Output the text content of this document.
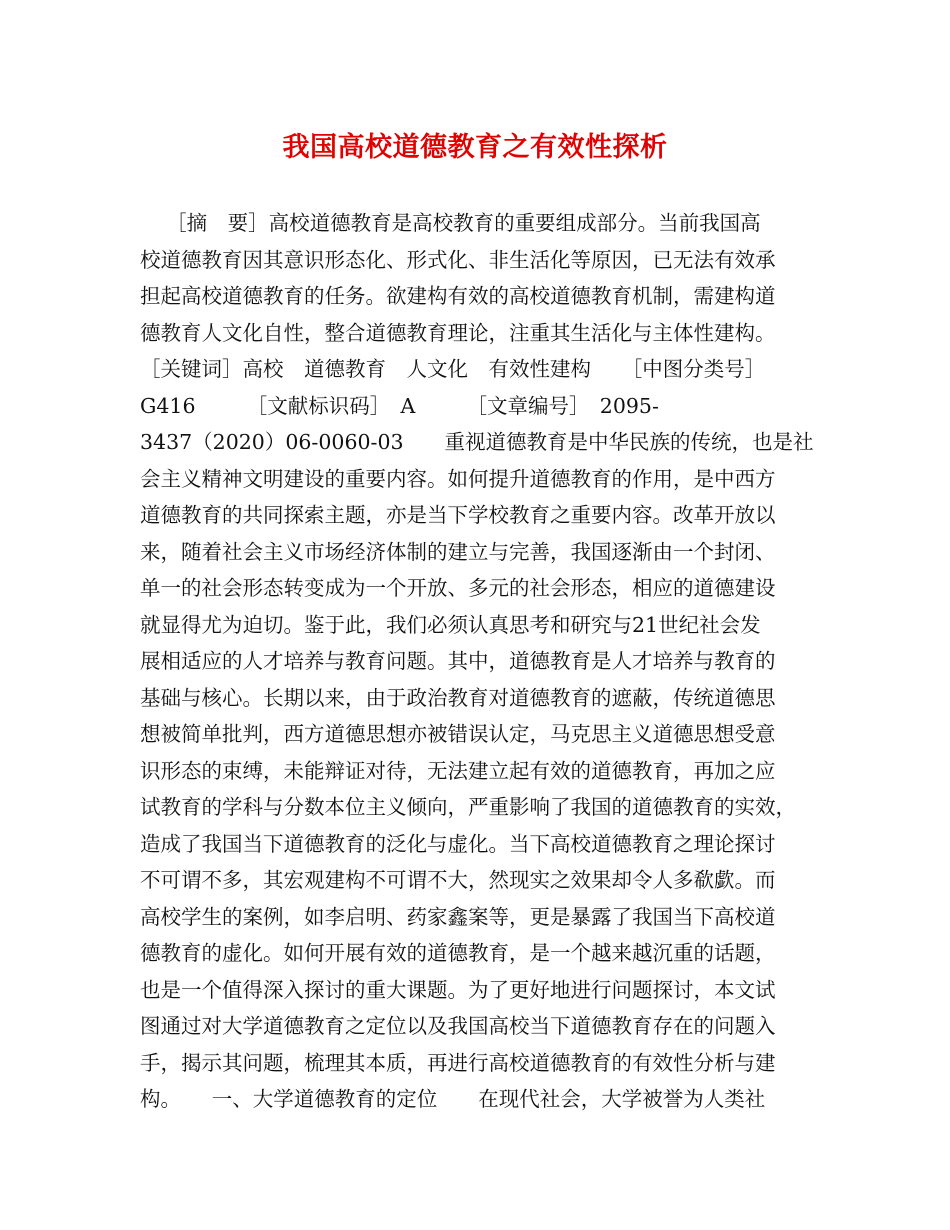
我国高校道德教育之有效性探析
［摘　要］高校道德教育是高校教育的重要组成部分。当前我国高
校道德教育因其意识形态化、形式化、非生活化等原因，已无法有效承
担起高校道德教育的任务。欲建构有效的高校道德教育机制，需建构道
德教育人文化自性，整合道德教育理论，注重其生活化与主体性建构。
［关键词］高校　道德教育　人文化　有效性建构　　［中图分类号］
G416　　　［文献标识码］　A　　　［文章编号］　2095-
3437（2020）06-0060-03　　重视道德教育是中华民族的传统，也是社
会主义精神文明建设的重要内容。如何提升道德教育的作用，是中西方
道德教育的共同探索主题，亦是当下学校教育之重要内容。改革开放以
来，随着社会主义市场经济体制的建立与完善，我国逐渐由一个封闭、
单一的社会形态转变成为一个开放、多元的社会形态，相应的道德建设
就显得尤为迫切。鉴于此，我们必须认真思考和研究与21世纪社会发
展相适应的人才培养与教育问题。其中，道德教育是人才培养与教育的
基础与核心。长期以来，由于政治教育对道德教育的遮蔽，传统道德思
想被简单批判，西方道德思想亦被错误认定，马克思主义道德思想受意
识形态的束缚，未能辩证对待，无法建立起有效的道德教育，再加之应
试教育的学科与分数本位主义倾向，严重影响了我国的道德教育的实效，
造成了我国当下道德教育的泛化与虚化。当下高校道德教育之理论探讨
不可谓不多，其宏观建构不可谓不大，然现实之效果却令人多欷歔。而
高校学生的案例，如李启明、药家鑫案等，更是暴露了我国当下高校道
德教育的虚化。如何开展有效的道德教育，是一个越来越沉重的话题，
也是一个值得深入探讨的重大课题。为了更好地进行问题探讨，本文试
图通过对大学道德教育之定位以及我国高校当下道德教育存在的问题入
手，揭示其问题，梳理其本质，再进行高校道德教育的有效性分析与建
构。　　一、大学道德教育的定位　　在现代社会，大学被誉为人类社
